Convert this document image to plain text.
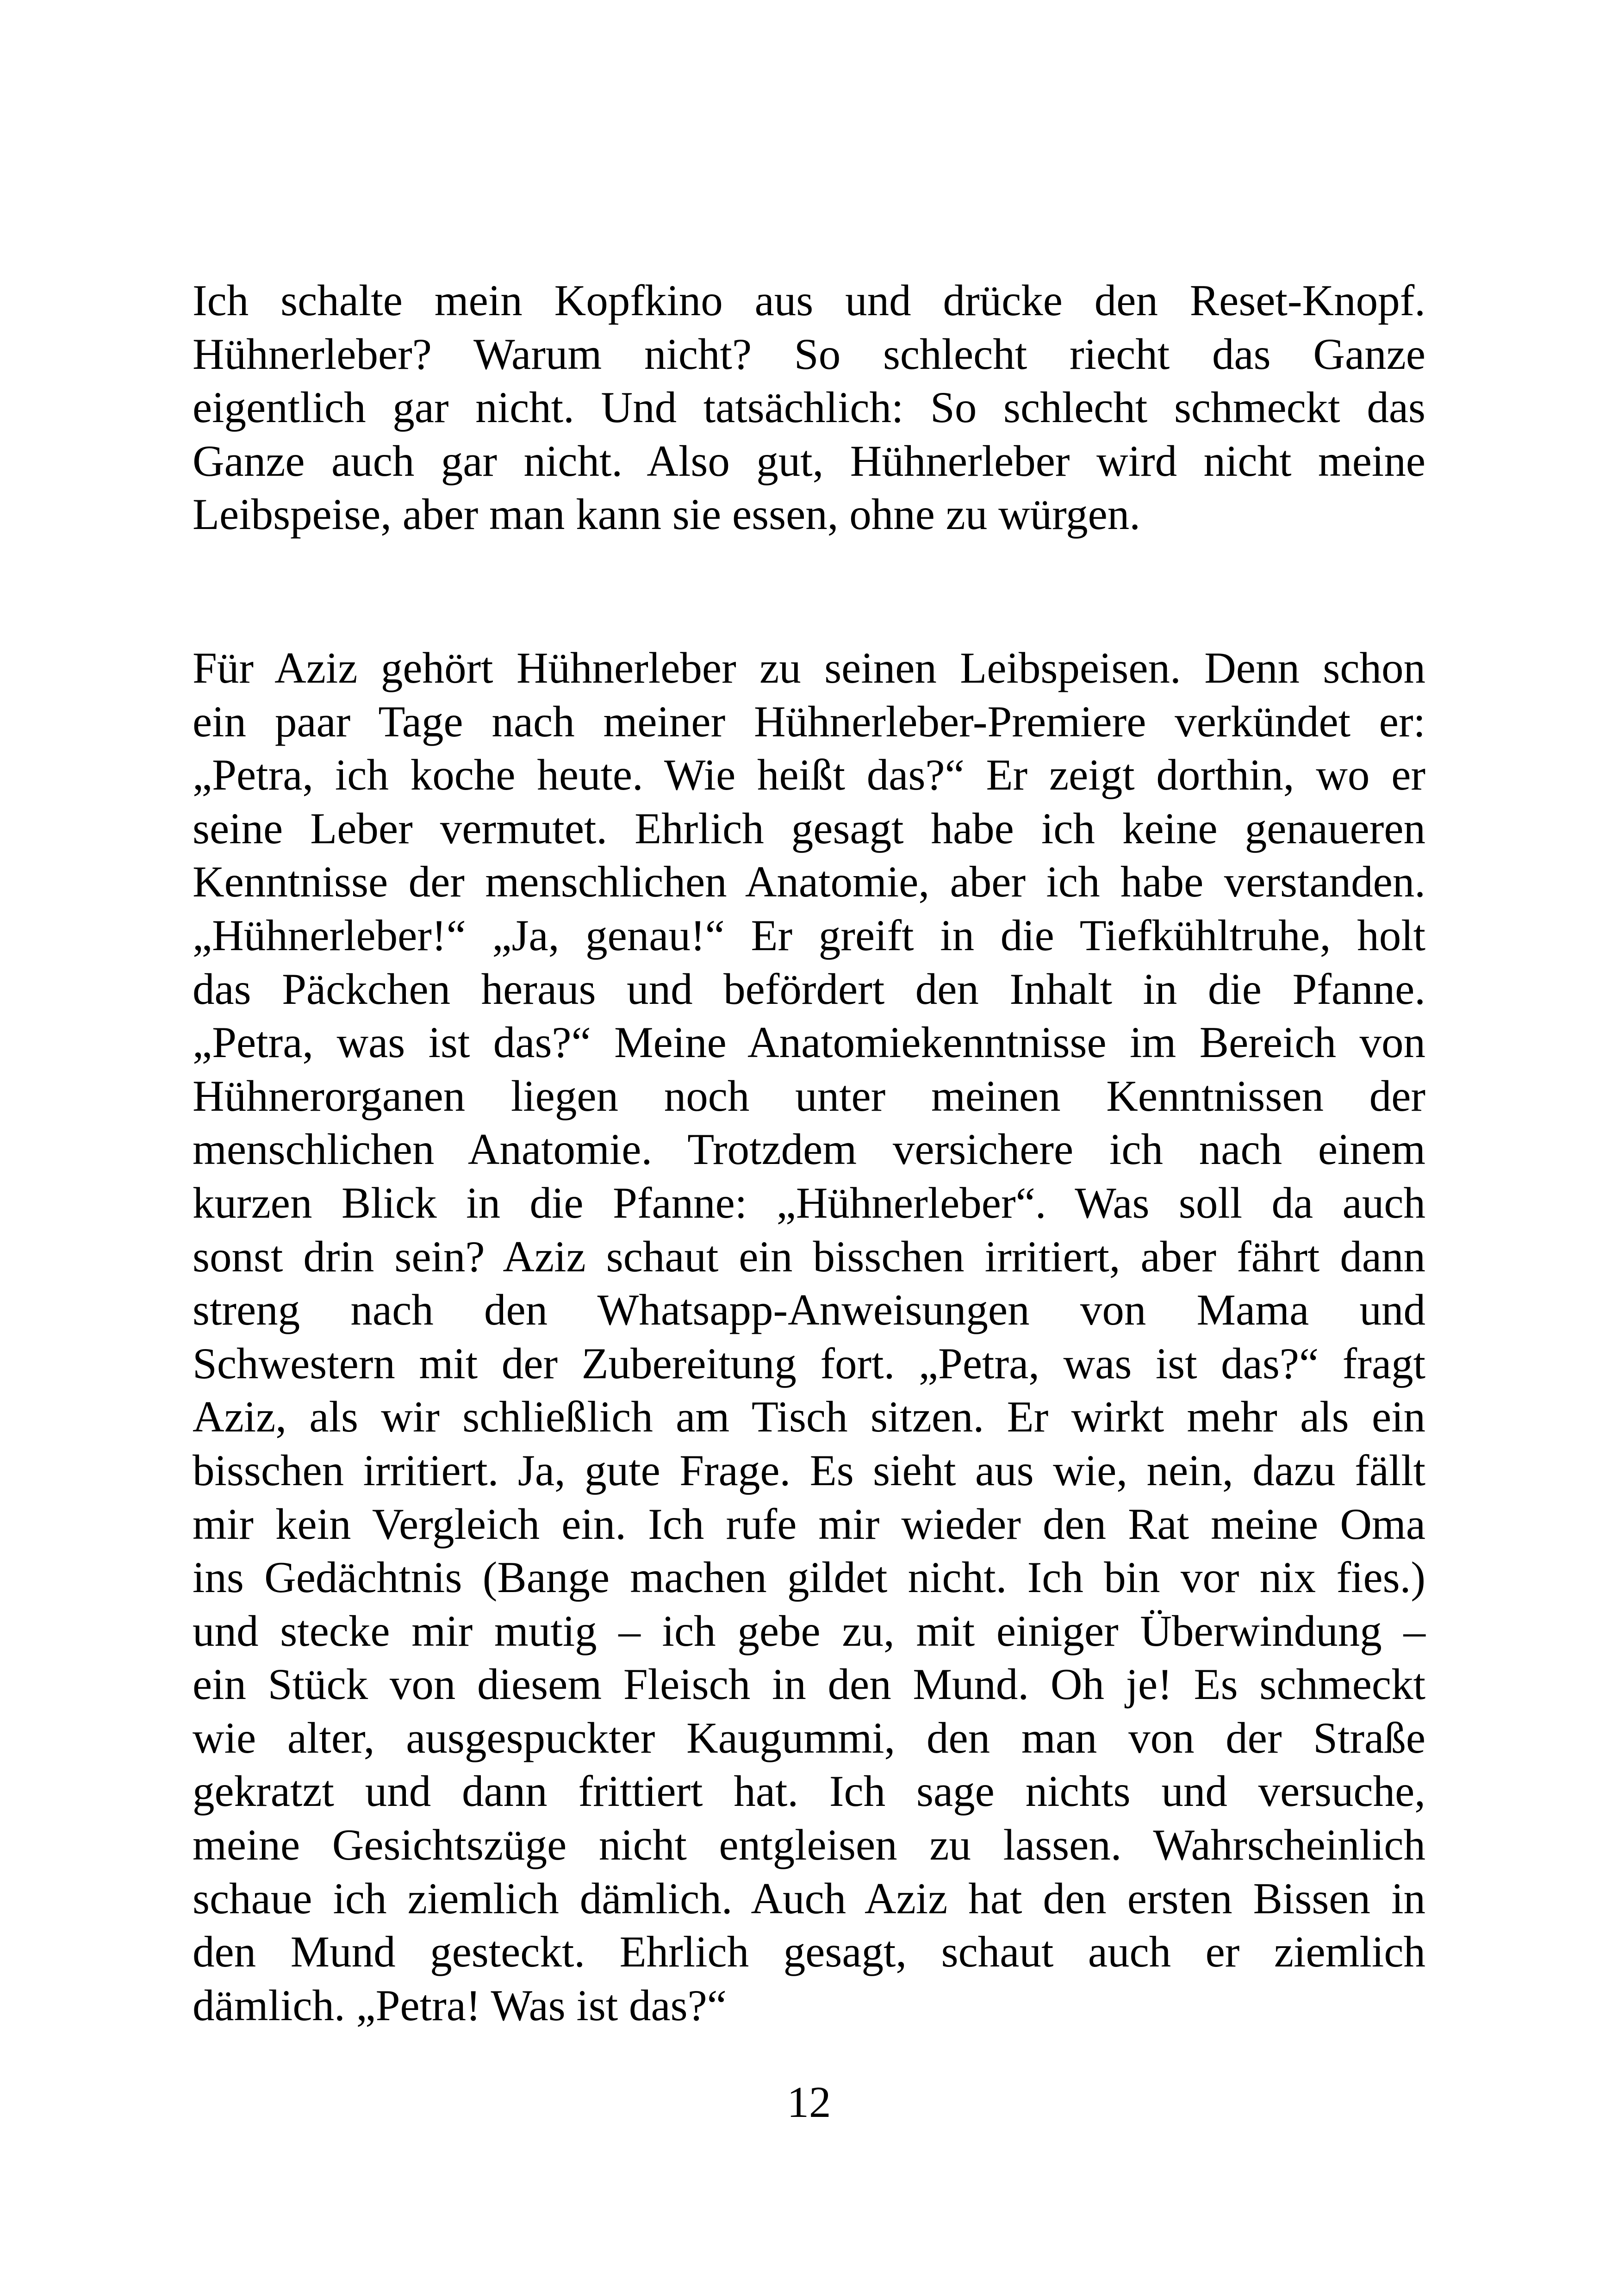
Ich schalte mein Kopfkino aus und drücke den Reset-Knopf.
Hühnerleber? Warum nicht? So schlecht riecht das Ganze
eigentlich gar nicht. Und tatsächlich: So schlecht schmeckt das
Ganze auch gar nicht. Also gut, Hühnerleber wird nicht meine
Leibspeise, aber man kann sie essen, ohne zu würgen.

Für Aziz gehört Hühnerleber zu seinen Leibspeisen. Denn schon
ein paar Tage nach meiner Hühnerleber-Premiere verkündet er:
„Petra, ich koche heute. Wie heißt das?“ Er zeigt dorthin, wo er
seine Leber vermutet. Ehrlich gesagt habe ich keine genaueren
Kenntnisse der menschlichen Anatomie, aber ich habe verstanden.
„Hühnerleber!“ „Ja, genau!“ Er greift in die Tiefkühltruhe, holt
das Päckchen heraus und befördert den Inhalt in die Pfanne.
„Petra, was ist das?“ Meine Anatomiekenntnisse im Bereich von
Hühnerorganen liegen noch unter meinen Kenntnissen der
menschlichen Anatomie. Trotzdem versichere ich nach einem
kurzen Blick in die Pfanne: „Hühnerleber“. Was soll da auch
sonst drin sein? Aziz schaut ein bisschen irritiert, aber fährt dann
streng nach den Whatsapp-Anweisungen von Mama und
Schwestern mit der Zubereitung fort. „Petra, was ist das?“ fragt
Aziz, als wir schließlich am Tisch sitzen. Er wirkt mehr als ein
bisschen irritiert. Ja, gute Frage. Es sieht aus wie, nein, dazu fällt
mir kein Vergleich ein. Ich rufe mir wieder den Rat meine Oma
ins Gedächtnis (Bange machen gildet nicht. Ich bin vor nix fies.)
und stecke mir mutig – ich gebe zu, mit einiger Überwindung –
ein Stück von diesem Fleisch in den Mund. Oh je! Es schmeckt
wie alter, ausgespuckter Kaugummi, den man von der Straße
gekratzt und dann frittiert hat. Ich sage nichts und versuche,
meine Gesichtszüge nicht entgleisen zu lassen. Wahrscheinlich
schaue ich ziemlich dämlich. Auch Aziz hat den ersten Bissen in
den Mund gesteckt. Ehrlich gesagt, schaut auch er ziemlich
dämlich. „Petra! Was ist das?“

12
